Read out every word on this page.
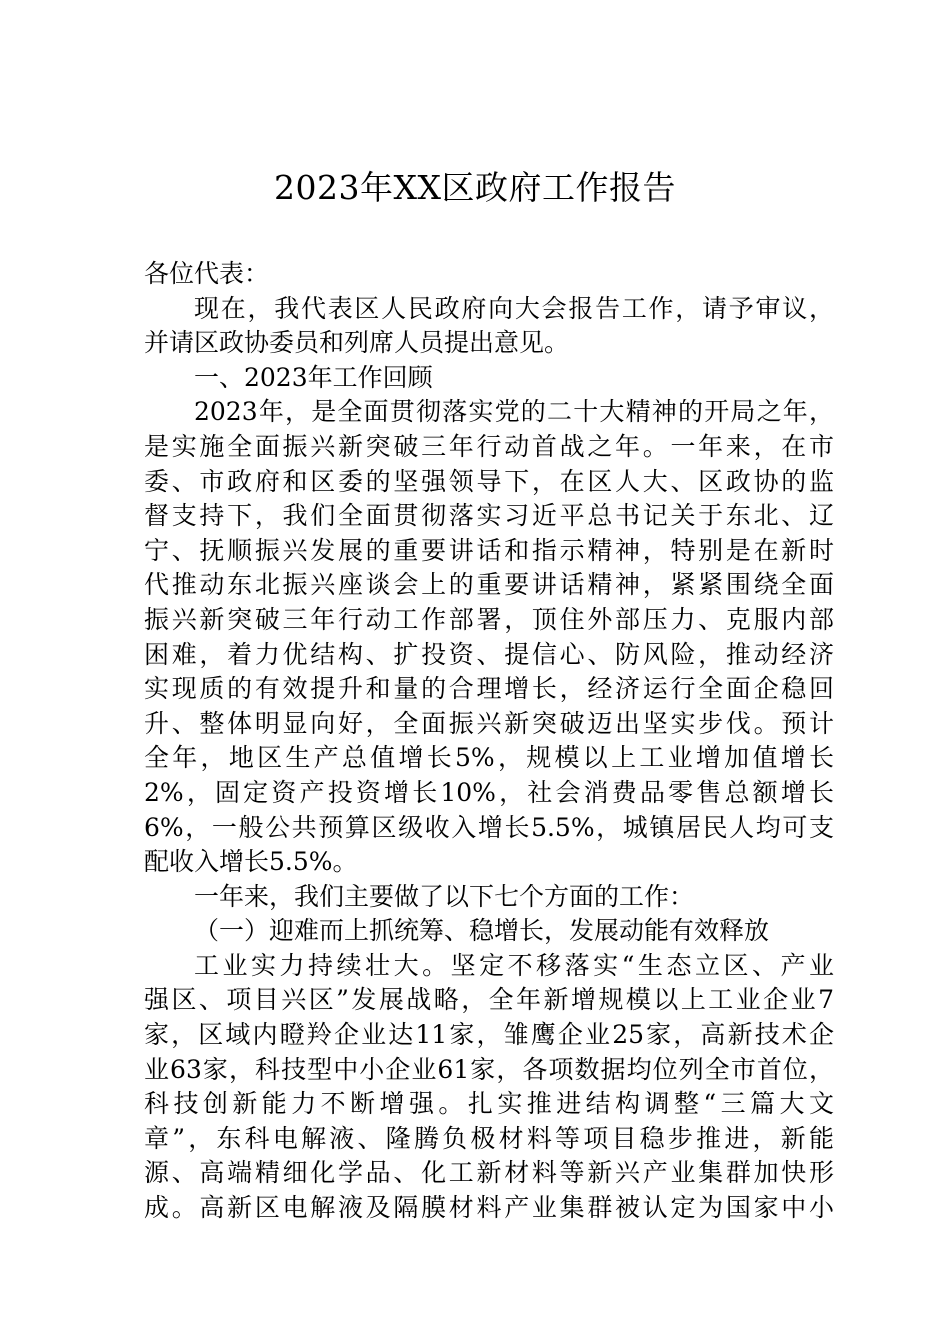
2023年XX区政府工作报告
各位代表：
现在，我代表区人民政府向大会报告工作，请予审议，
并请区政协委员和列席人员提出意见。
一、2023年工作回顾
2023年，是全面贯彻落实党的二十大精神的开局之年，
是实施全面振兴新突破三年行动首战之年。一年来，在市
委、市政府和区委的坚强领导下，在区人大、区政协的监
督支持下，我们全面贯彻落实习近平总书记关于东北、辽
宁、抚顺振兴发展的重要讲话和指示精神，特别是在新时
代推动东北振兴座谈会上的重要讲话精神，紧紧围绕全面
振兴新突破三年行动工作部署，顶住外部压力、克服内部
困难，着力优结构、扩投资、提信心、防风险，推动经济
实现质的有效提升和量的合理增长，经济运行全面企稳回
升、整体明显向好，全面振兴新突破迈出坚实步伐。预计
全年，地区生产总值增长5%，规模以上工业增加值增长
2%，固定资产投资增长10%，社会消费品零售总额增长
6%，一般公共预算区级收入增长5.5%，城镇居民人均可支
配收入增长5.5%。
一年来，我们主要做了以下七个方面的工作：
（一）迎难而上抓统筹、稳增长，发展动能有效释放
工业实力持续壮大。坚定不移落实“生态立区、产业
强区、项目兴区”发展战略，全年新增规模以上工业企业7
家，区域内瞪羚企业达11家，雏鹰企业25家，高新技术企
业63家，科技型中小企业61家，各项数据均位列全市首位，
科技创新能力不断增强。扎实推进结构调整“三篇大文
章”，东科电解液、隆腾负极材料等项目稳步推进，新能
源、高端精细化学品、化工新材料等新兴产业集群加快形
成。高新区电解液及隔膜材料产业集群被认定为国家中小
